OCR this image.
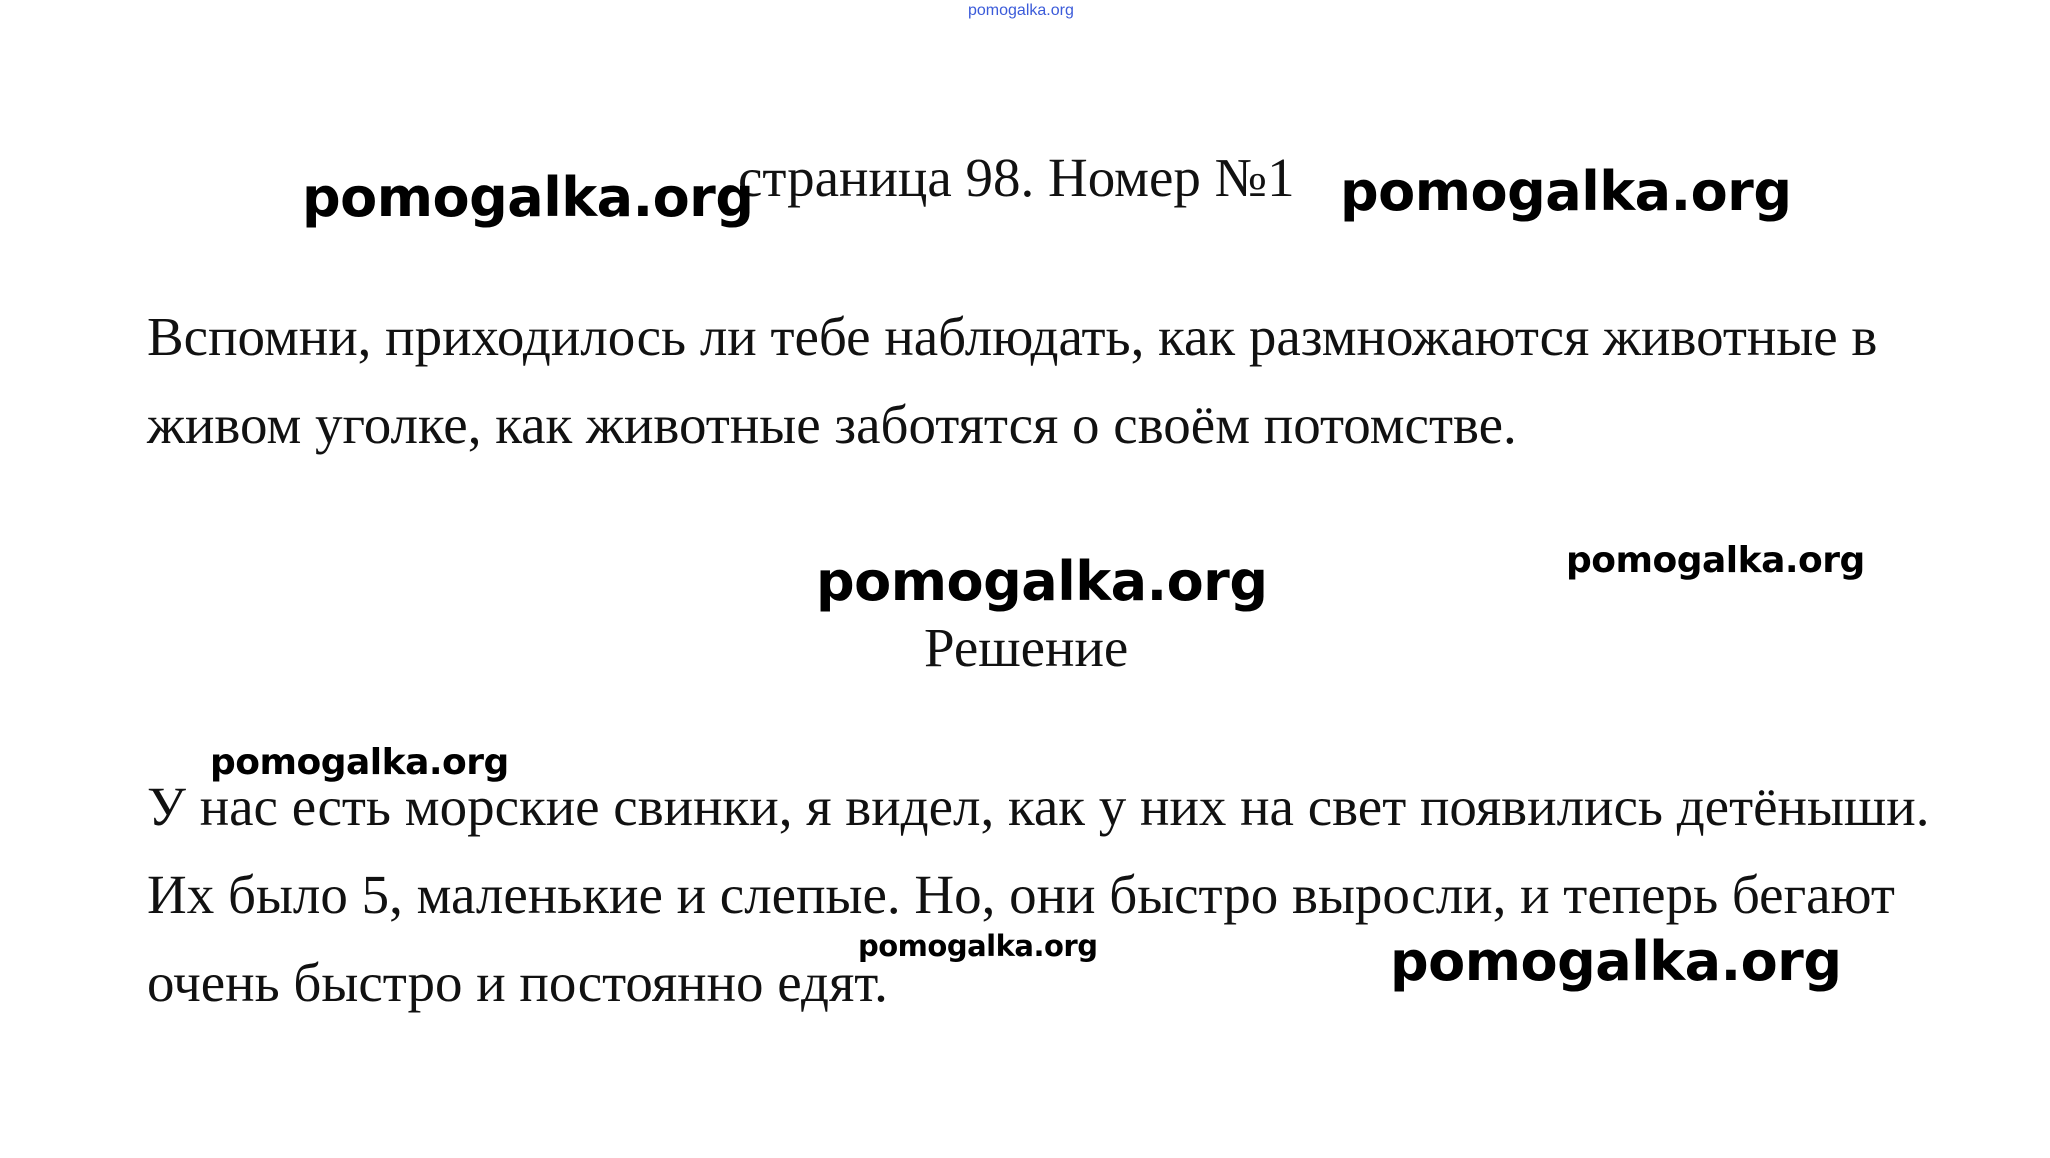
pomogalka.org
страница 98. Номер №1

Вспомни, приходилось ли тебе наблюдать, как размножаются животные в живом уголке, как животные заботятся о своём потомстве.

Решение

У нас есть морские свинки, я видел, как у них на свет появились детёныши. Их было 5, маленькие и слепые. Но, они быстро выросли, и теперь бегают очень быстро и постоянно едят.

pomogalka.org	pomogalka.org
pomogalka.org	pomogalka.org
pomogalka.org
pomogalka.org	pomogalka.org
